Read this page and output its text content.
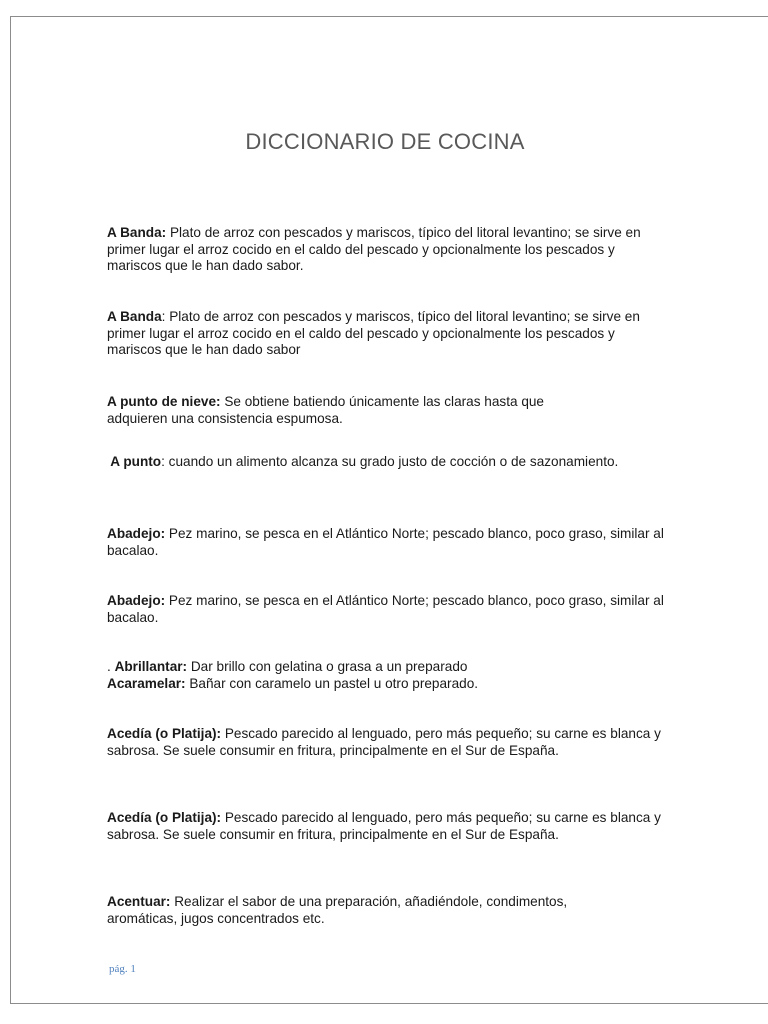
DICCIONARIO DE COCINA
A Banda: Plato de arroz con pescados y mariscos, típico del litoral levantino; se sirve en primer lugar el arroz cocido en el caldo del pescado y opcionalmente los pescados y mariscos que le han dado sabor.
A Banda: Plato de arroz con pescados y mariscos, típico del litoral levantino; se sirve en primer lugar el arroz cocido en el caldo del pescado y opcionalmente los pescados y mariscos que le han dado sabor
A punto de nieve: Se obtiene batiendo únicamente las claras hasta que adquieren una consistencia espumosa.
A punto: cuando un alimento alcanza su grado justo de cocción o de sazonamiento.
Abadejo: Pez marino, se pesca en el Atlántico Norte; pescado blanco, poco graso, similar al bacalao.
Abadejo: Pez marino, se pesca en el Atlántico Norte; pescado blanco, poco graso, similar al bacalao.
. Abrillantar: Dar brillo con gelatina o grasa a un preparado
Acaramelar: Bañar con caramelo un pastel u otro preparado.
Acedía (o Platija): Pescado parecido al lenguado, pero más pequeño; su carne es blanca y sabrosa. Se suele consumir en fritura, principalmente en el Sur de España.
Acedía (o Platija): Pescado parecido al lenguado, pero más pequeño; su carne es blanca y sabrosa. Se suele consumir en fritura, principalmente en el Sur de España.
Acentuar: Realizar el sabor de una preparación, añadiéndole, condimentos, aromáticas, jugos concentrados etc.
pág. 1
